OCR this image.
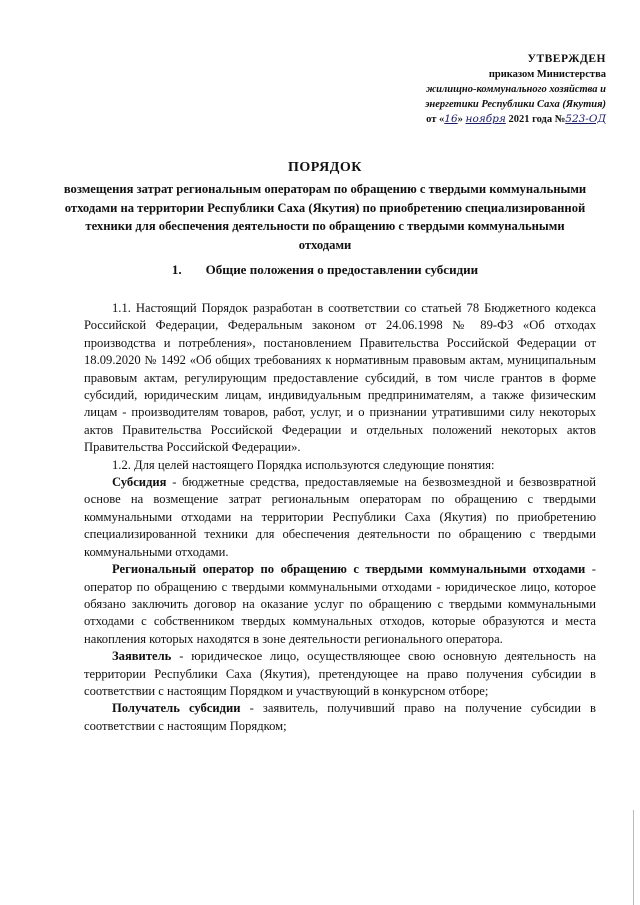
УТВЕРЖДЕН
приказом Министерства
жилищно-коммунального хозяйства и
энергетики Республики Саха (Якутия)
от «16» ноября 2021 года №523-ОД
ПОРЯДОК
возмещения затрат региональным операторам по обращению с твердыми коммунальными отходами на территории Республики Саха (Якутия) по приобретению специализированной техники для обеспечения деятельности по обращению с твердыми коммунальными отходами
1. Общие положения о предоставлении субсидии

1.1. Настоящий Порядок разработан в соответствии со статьей 78 Бюджетного кодекса Российской Федерации, Федеральным законом от 24.06.1998 № 89-ФЗ «Об отходах производства и потребления», постановлением Правительства Российской Федерации от 18.09.2020 № 1492 «Об общих требованиях к нормативным правовым актам, муниципальным правовым актам, регулирующим предоставление субсидий, в том числе грантов в форме субсидий, юридическим лицам, индивидуальным предпринимателям, а также физическим лицам - производителям товаров, работ, услуг, и о признании утратившими силу некоторых актов Правительства Российской Федерации и отдельных положений некоторых актов Правительства Российской Федерации».

1.2. Для целей настоящего Порядка используются следующие понятия:

Субсидия - бюджетные средства, предоставляемые на безвозмездной и безвозвратной основе на возмещение затрат региональным операторам по обращению с твердыми коммунальными отходами на территории Республики Саха (Якутия) по приобретению специализированной техники для обеспечения деятельности по обращению с твердыми коммунальными отходами.

Региональный оператор по обращению с твердыми коммунальными отходами - оператор по обращению с твердыми коммунальными отходами - юридическое лицо, которое обязано заключить договор на оказание услуг по обращению с твердыми коммунальными отходами с собственником твердых коммунальных отходов, которые образуются и места накопления которых находятся в зоне деятельности регионального оператора.

Заявитель - юридическое лицо, осуществляющее свою основную деятельность на территории Республики Саха (Якутия), претендующее на право получения субсидии в соответствии с настоящим Порядком и участвующий в конкурсном отборе;

Получатель субсидии - заявитель, получивший право на получение субсидии в соответствии с настоящим Порядком;
